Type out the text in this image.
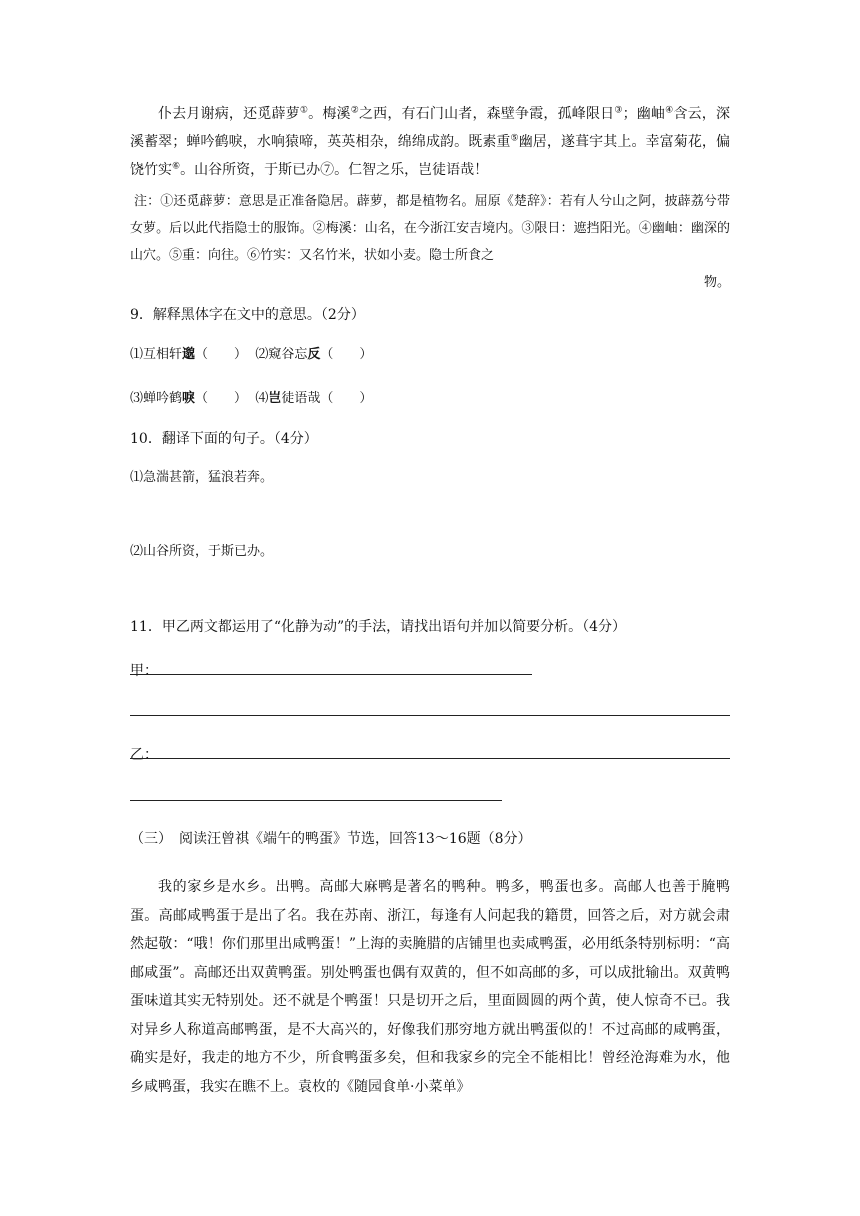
仆去月谢病，还觅薜萝①。梅溪②之西，有石门山者，森壁争霞，孤峰限日③；幽岫④含云，深溪蓄翠；蝉吟鹤唳，水响猿啼，英英相杂，绵绵成韵。既素重⑤幽居，遂葺宇其上。幸富菊花，偏饶竹实⑥。山谷所资，于斯已办⑦。仁智之乐，岂徒语哉！

注：①还觅薜萝：意思是正准备隐居。薜萝，都是植物名。屈原《楚辞》：若有人兮山之阿，披薜荔兮带女萝。后以此代指隐士的服饰。②梅溪：山名，在今浙江安吉境内。③限日：遮挡阳光。④幽岫：幽深的山穴。⑤重：向往。⑥竹实：又名竹米，状如小麦。隐士所食之

物。

9．解释黑体字在文中的意思。（2分）

⑴互相轩邈（　　） ⑵窥谷忘反（　　）

⑶蝉吟鹤唳（　　） ⑷岂徒语哉（　　）

10．翻译下面的句子。（4分）

⑴急湍甚箭，猛浪若奔。

⑵山谷所资，于斯已办。

11．甲乙两文都运用了“化静为动”的手法，请找出语句并加以简要分析。（4分）

甲：

乙：

（三）　阅读汪曾祺《端午的鸭蛋》节选，回答13～16题（8分）

我的家乡是水乡。出鸭。高邮大麻鸭是著名的鸭种。鸭多，鸭蛋也多。高邮人也善于腌鸭蛋。高邮咸鸭蛋于是出了名。我在苏南、浙江，每逢有人问起我的籍贯，回答之后，对方就会肃然起敬：“哦！你们那里出咸鸭蛋！”上海的卖腌腊的店铺里也卖咸鸭蛋，必用纸条特别标明：“高邮咸蛋”。高邮还出双黄鸭蛋。别处鸭蛋也偶有双黄的，但不如高邮的多，可以成批输出。双黄鸭蛋味道其实无特别处。还不就是个鸭蛋！只是切开之后，里面圆圆的两个黄，使人惊奇不已。我对异乡人称道高邮鸭蛋，是不大高兴的，好像我们那穷地方就出鸭蛋似的！不过高邮的咸鸭蛋，确实是好，我走的地方不少，所食鸭蛋多矣，但和我家乡的完全不能相比！曾经沧海难为水，他乡咸鸭蛋，我实在瞧不上。袁枚的《随园食单·小菜单》
